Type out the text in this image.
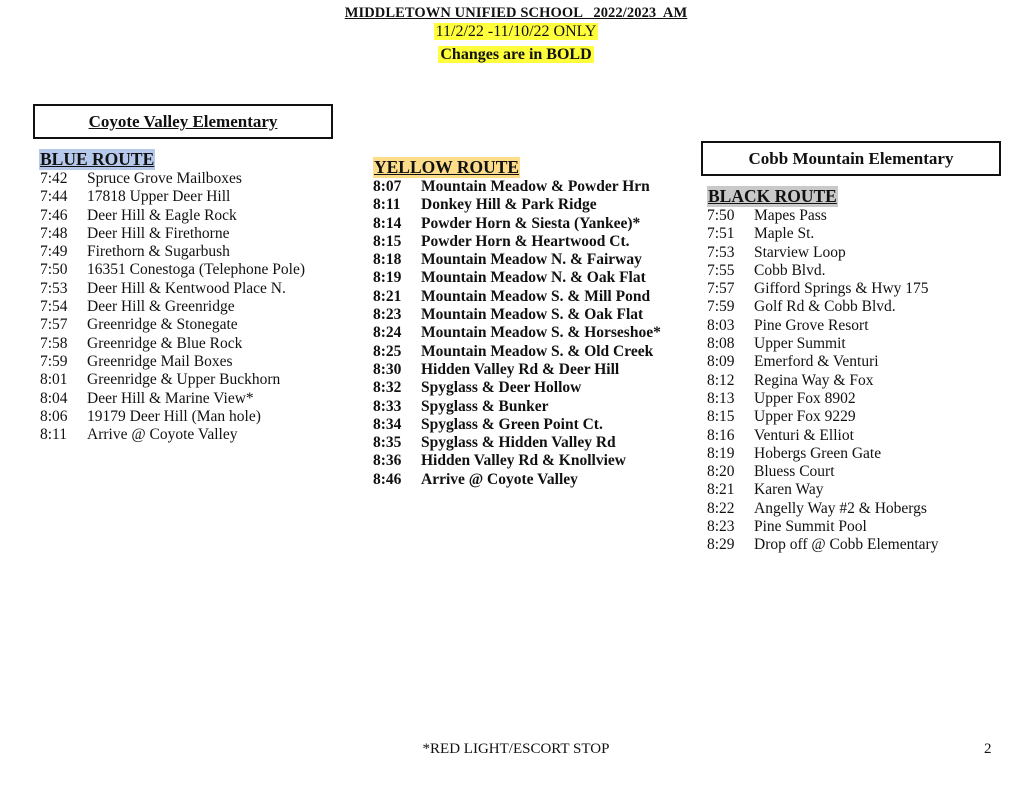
MIDDLETOWN UNIFIED SCHOOL   2022/2023  AM
11/2/22 -11/10/22 ONLY
Changes are in BOLD
Coyote Valley Elementary
BLUE ROUTE
7:42 Spruce Grove Mailboxes
7:44 17818 Upper Deer Hill
7:46 Deer Hill & Eagle Rock
7:48 Deer Hill & Firethorne
7:49 Firethorn & Sugarbush
7:50 16351 Conestoga (Telephone Pole)
7:53 Deer Hill & Kentwood Place N.
7:54 Deer Hill & Greenridge
7:57 Greenridge & Stonegate
7:58 Greenridge & Blue Rock
7:59 Greenridge Mail Boxes
8:01 Greenridge & Upper Buckhorn
8:04 Deer Hill & Marine View*
8:06 19179 Deer Hill (Man hole)
8:11 Arrive @ Coyote Valley
YELLOW ROUTE
8:07 Mountain Meadow & Powder Hrn
8:11 Donkey Hill & Park Ridge
8:14 Powder Horn & Siesta (Yankee)*
8:15 Powder Horn & Heartwood Ct.
8:18 Mountain Meadow N. & Fairway
8:19 Mountain Meadow N. & Oak Flat
8:21 Mountain Meadow S. & Mill Pond
8:23 Mountain Meadow S. & Oak Flat
8:24 Mountain Meadow S. & Horseshoe*
8:25 Mountain Meadow S. & Old Creek
8:30 Hidden Valley Rd & Deer Hill
8:32 Spyglass & Deer Hollow
8:33 Spyglass & Bunker
8:34 Spyglass & Green Point Ct.
8:35 Spyglass & Hidden Valley Rd
8:36 Hidden Valley Rd & Knollview
8:46 Arrive @ Coyote Valley
Cobb Mountain Elementary
BLACK ROUTE
7:50 Mapes Pass
7:51 Maple St.
7:53 Starview Loop
7:55 Cobb Blvd.
7:57 Gifford Springs & Hwy 175
7:59 Golf Rd & Cobb Blvd.
8:03 Pine Grove Resort
8:08 Upper Summit
8:09 Emerford & Venturi
8:12 Regina Way & Fox
8:13 Upper Fox 8902
8:15 Upper Fox 9229
8:16 Venturi & Elliot
8:19 Hobergs Green Gate
8:20 Bluess Court
8:21 Karen Way
8:22 Angelly Way #2 & Hobergs
8:23 Pine Summit Pool
8:29 Drop off @ Cobb Elementary
*RED LIGHT/ESCORT STOP	2
